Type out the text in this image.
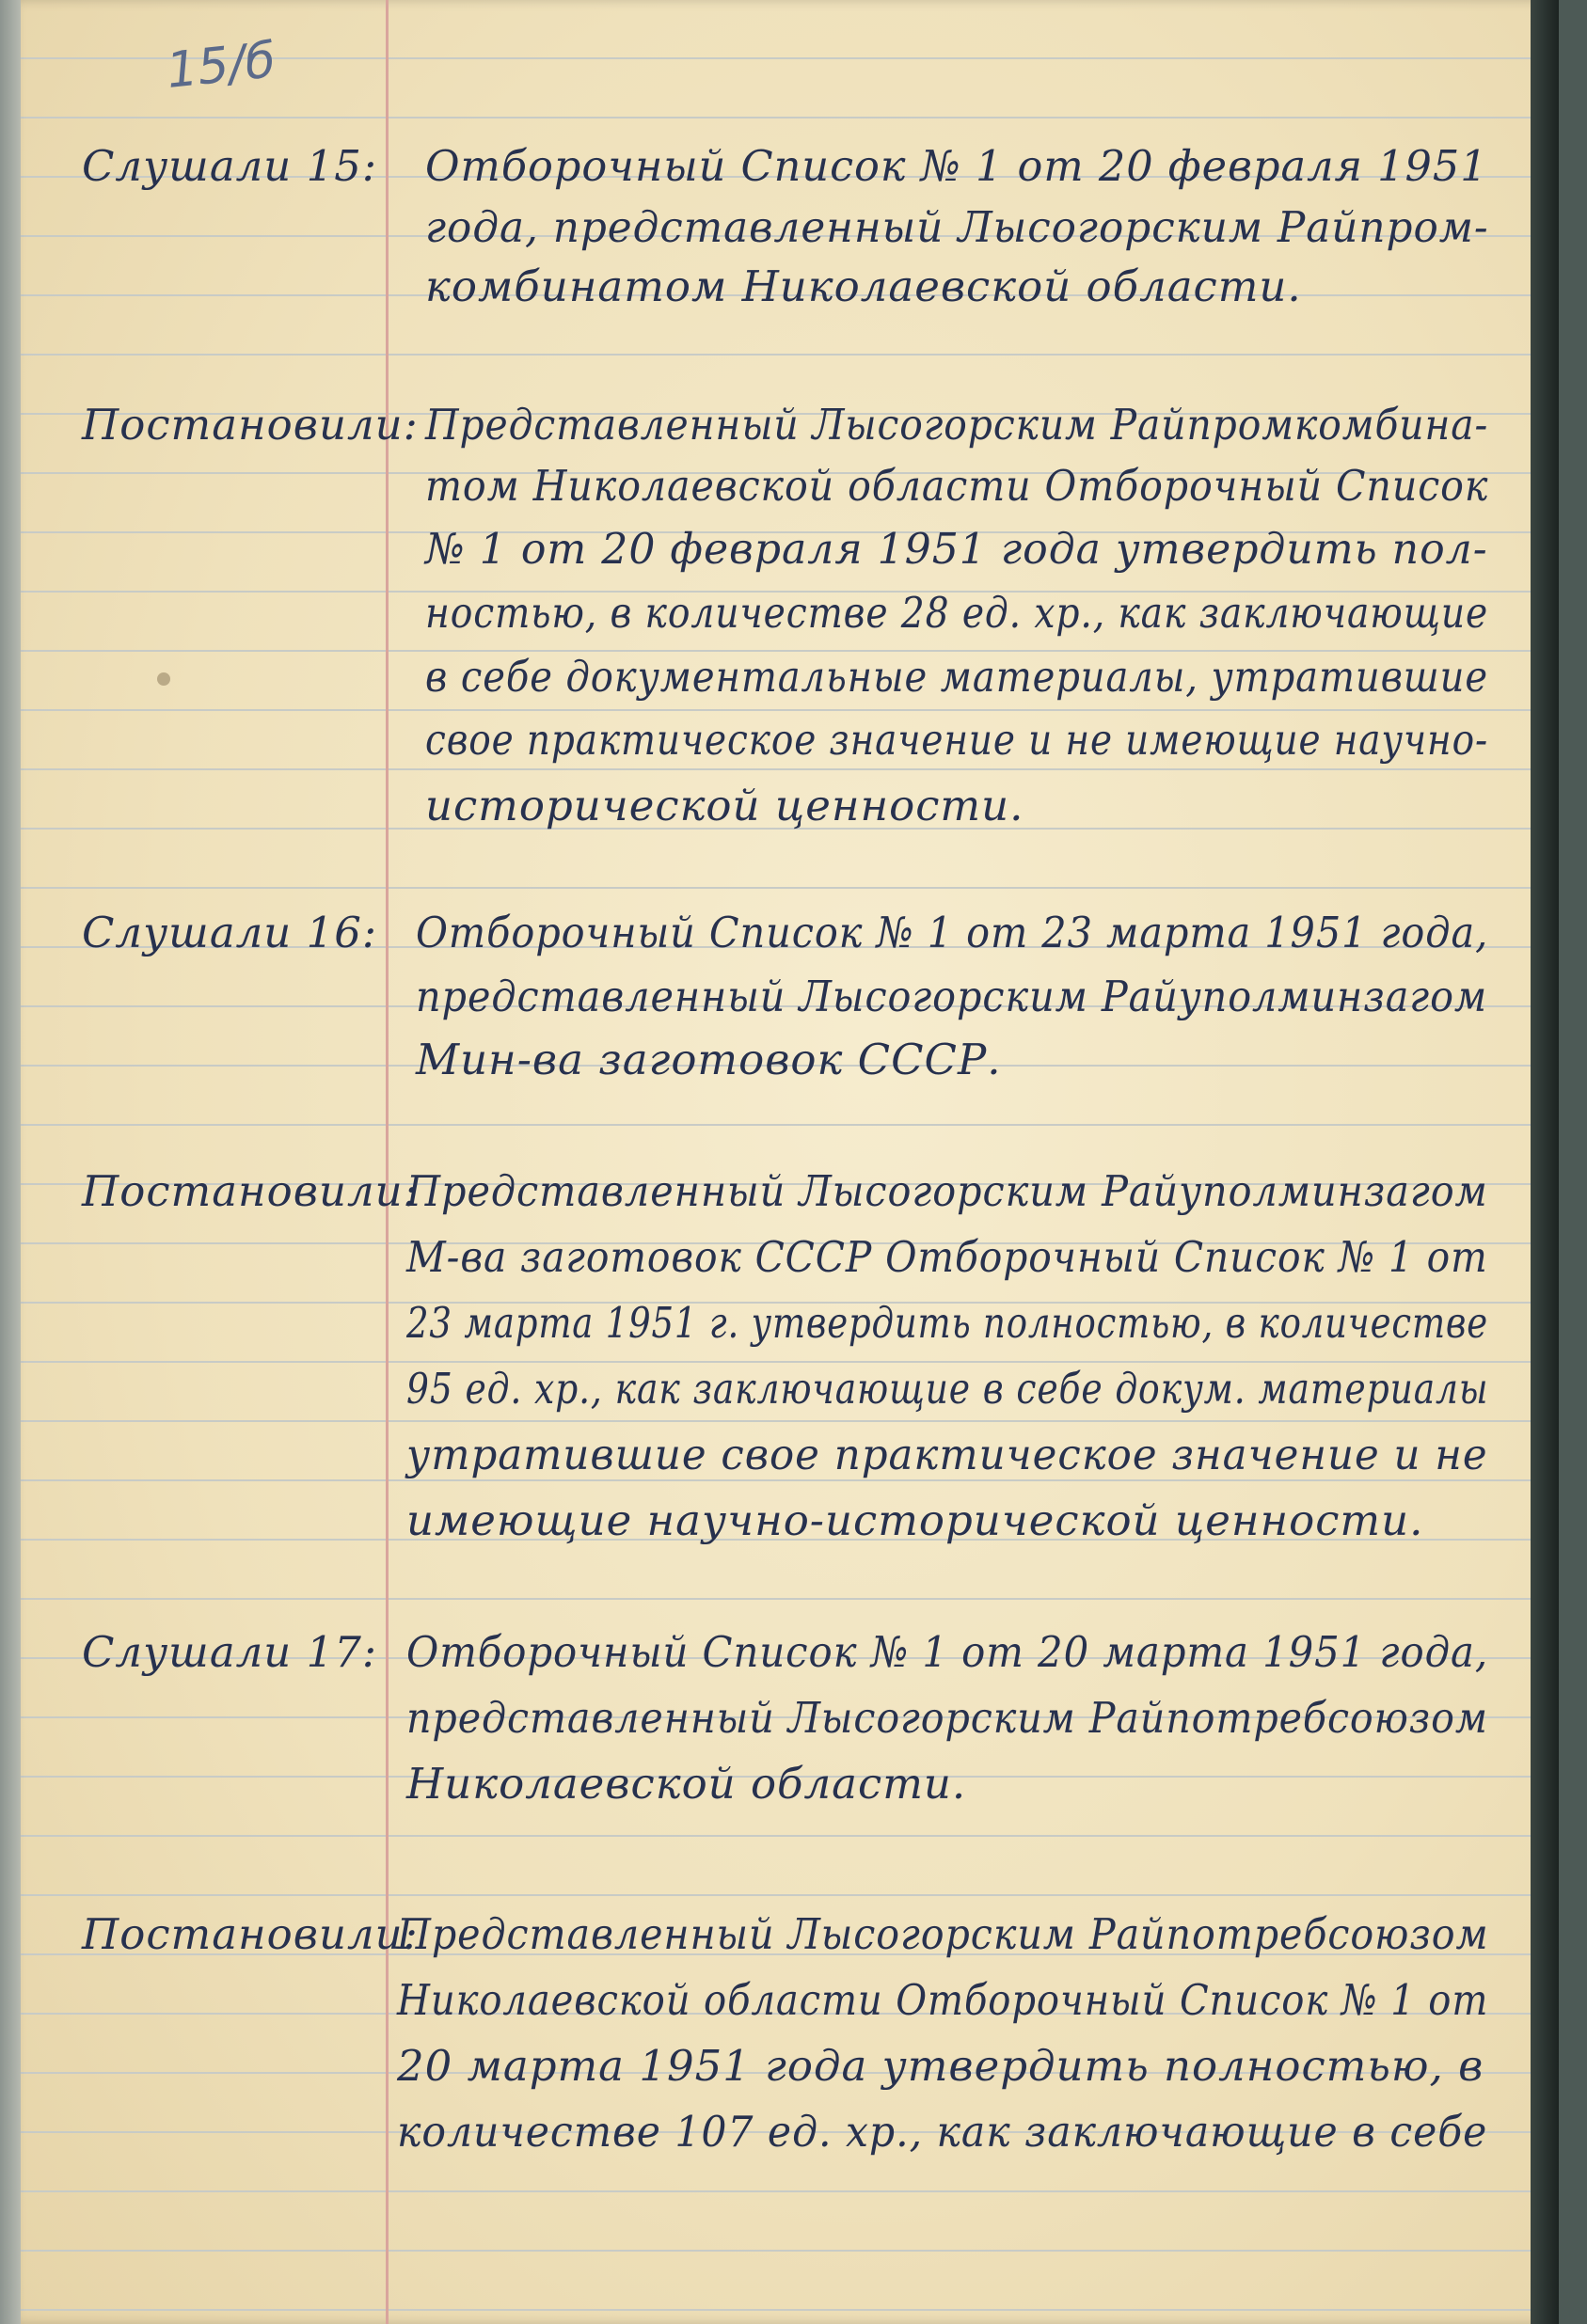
15/б
Слушали 15: Отборочный Список № 1 от 20 февраля 1951
года, представленный Лысогорским Райпром-
комбинатом Николаевской области.
Постановили: Представленный Лысогорским Райпромкомбина-
том Николаевской области Отборочный Список
№ 1 от 20 февраля 1951 года утвердить пол-
ностью, в количестве 28 ед. хр., как заключающие
в себе документальные материалы, утратившие
свое практическое значение и не имеющие научно-
исторической ценности.
Слушали 16: Отборочный Список № 1 от 23 марта 1951 года,
представленный Лысогорским Райуполминзагом
Мин-ва заготовок СССР.
Постановили:
Представленный Лысогорским Райуполминзагом
М-ва заготовок СССР Отборочный Список № 1 от
23 марта 1951 г. утвердить полностью, в количестве
95 ед. хр., как заключающие в себе докум. материалы
утратившие свое практическое значение и не
имеющие научно-исторической ценности.
Слушали 17: Отборочный Список № 1 от 20 марта 1951 года,
представленный Лысогорским Райпотребсоюзом
Николаевской области.
Постановили:
Представленный Лысогорским Райпотребсоюзом
Николаевской области Отборочный Список № 1 от
20 марта 1951 года утвердить полностью, в
количестве 107 ед. хр., как заключающие в себе
